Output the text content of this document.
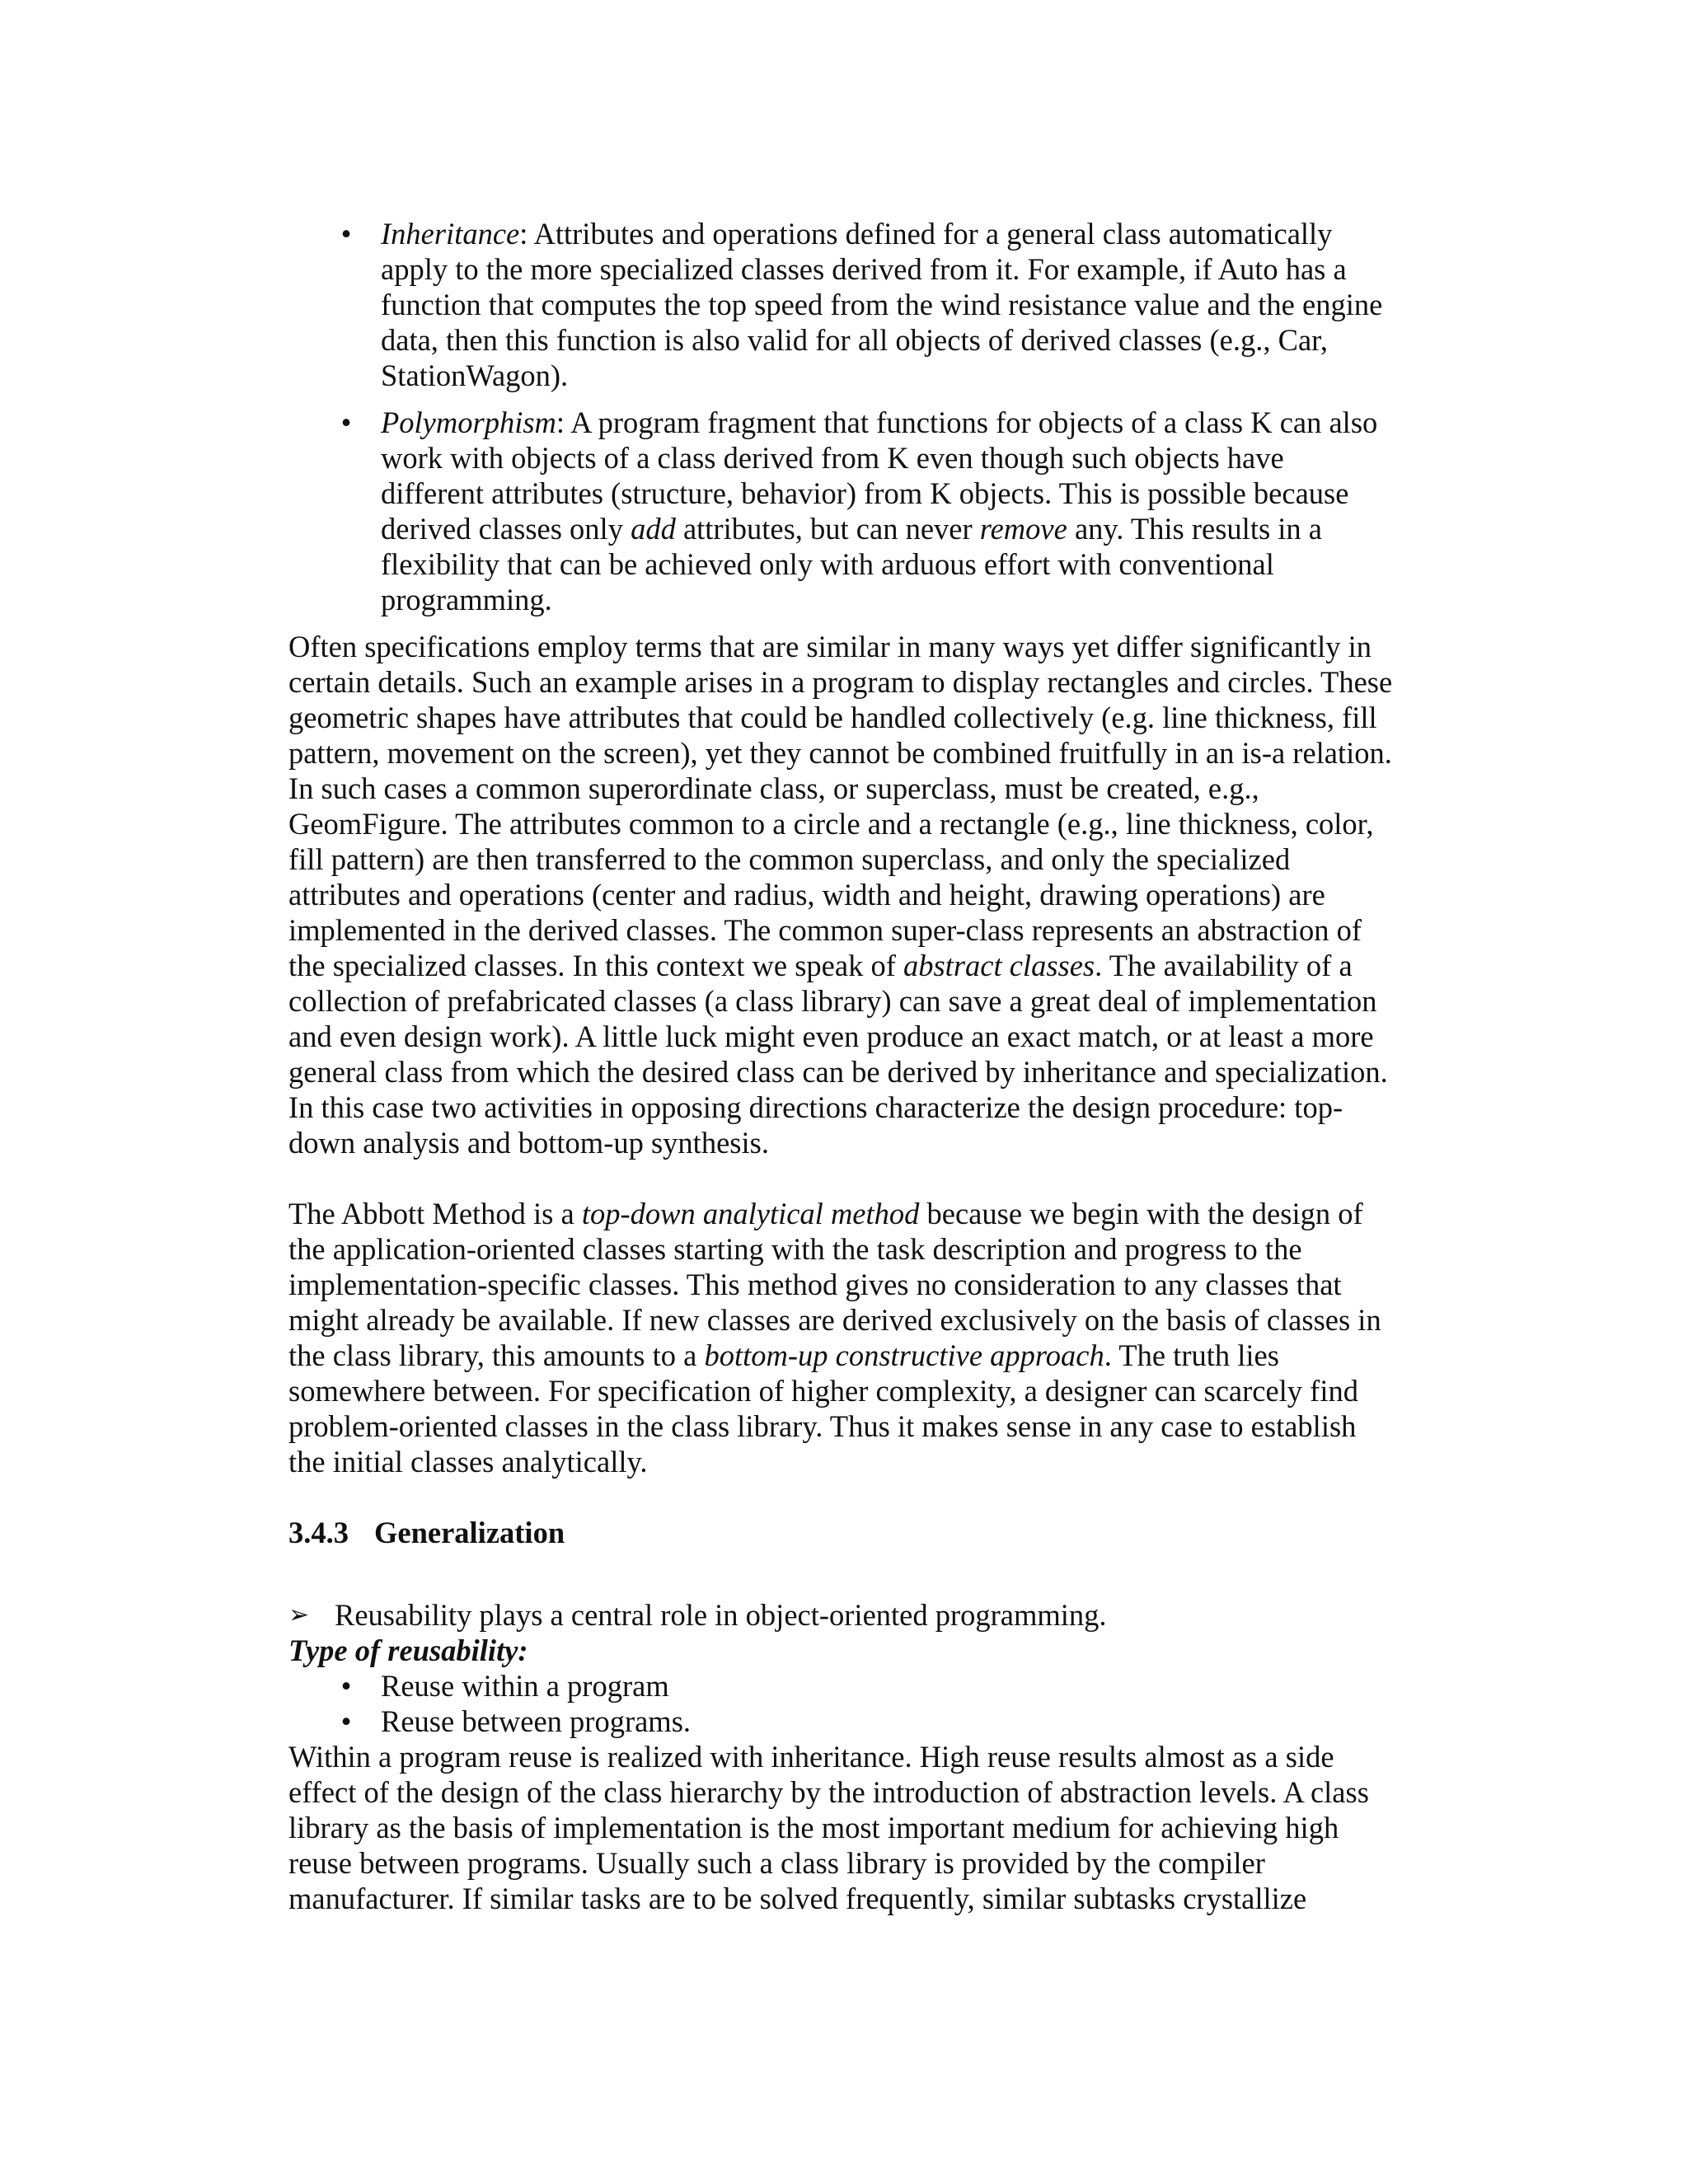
• Inheritance: Attributes and operations defined for a general class automatically apply to the more specialized classes derived from it. For example, if Auto has a function that computes the top speed from the wind resistance value and the engine data, then this function is also valid for all objects of derived classes (e.g., Car, StationWagon).
• Polymorphism: A program fragment that functions for objects of a class K can also work with objects of a class derived from K even though such objects have different attributes (structure, behavior) from K objects. This is possible because derived classes only add attributes, but can never remove any. This results in a flexibility that can be achieved only with arduous effort with conventional programming.

Often specifications employ terms that are similar in many ways yet differ significantly in certain details. Such an example arises in a program to display rectangles and circles. These geometric shapes have attributes that could be handled collectively (e.g. line thickness, fill pattern, movement on the screen), yet they cannot be combined fruitfully in an is-a relation. In such cases a common superordinate class, or superclass, must be created, e.g., GeomFigure. The attributes common to a circle and a rectangle (e.g., line thickness, color, fill pattern) are then transferred to the common superclass, and only the specialized attributes and operations (center and radius, width and height, drawing operations) are implemented in the derived classes. The common super-class represents an abstraction of the specialized classes. In this context we speak of abstract classes. The availability of a collection of prefabricated classes (a class library) can save a great deal of implementation and even design work). A little luck might even produce an exact match, or at least a more general class from which the desired class can be derived by inheritance and specialization. In this case two activities in opposing directions characterize the design procedure: top-down analysis and bottom-up synthesis.

The Abbott Method is a top-down analytical method because we begin with the design of the application-oriented classes starting with the task description and progress to the implementation-specific classes. This method gives no consideration to any classes that might already be available. If new classes are derived exclusively on the basis of classes in the class library, this amounts to a bottom-up constructive approach. The truth lies somewhere between. For specification of higher complexity, a designer can scarcely find problem-oriented classes in the class library. Thus it makes sense in any case to establish the initial classes analytically.

3.4.3 Generalization
➢ Reusability plays a central role in object-oriented programming.

Type of reusability:

• Reuse within a program
• Reuse between programs.

Within a program reuse is realized with inheritance. High reuse results almost as a side effect of the design of the class hierarchy by the introduction of abstraction levels. A class library as the basis of implementation is the most important medium for achieving high reuse between programs. Usually such a class library is provided by the compiler manufacturer. If similar tasks are to be solved frequently, similar subtasks crystallize
